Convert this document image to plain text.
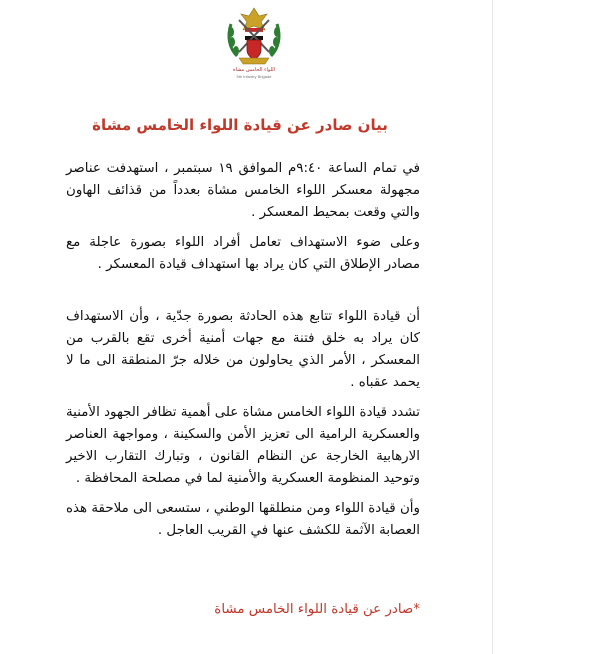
اللواء الخامس مشاة
5th Infantry Brigade
بيان صادر عن قيادة اللواء الخامس مشاة

في تمام الساعة ٩:٤٠م الموافق ١٩ سبتمبر ، استهدفت عناصر مجهولة معسكر اللواء الخامس مشاة بعدداً من قذائف الهاون والتي وقعت بمحيط المعسكر .

وعلى ضوء الاستهداف تعامل أفراد اللواء بصورة عاجلة مع مصادر الإطلاق التي كان يراد بها استهداف قيادة المعسكر .

أن قيادة اللواء تتابع هذه الحادثة بصورة جدّية ، وأن الاستهداف كان يراد به خلق فتنة مع جهات أمنية أخرى تقع بالقرب من المعسكر ، الأمر الذي يحاولون من خلاله جرّ المنطقة الى ما لا يحمد عقباه .

تشدد قيادة اللواء الخامس مشاة على أهمية تظافر الجهود الأمنية والعسكرية الرامية الى تعزيز الأمن والسكينة ، ومواجهة العناصر الارهابية الخارجة عن النظام القانون ، وتبارك التقارب الاخير وتوحيد المنظومة العسكرية والأمنية لما في مصلحة المحافظة .

وأن قيادة اللواء ومن منطلقها الوطني ، ستسعى الى ملاحقة هذه العصابة الآثمة للكشف عنها في القريب العاجل .

*صادر عن قيادة اللواء الخامس مشاة
